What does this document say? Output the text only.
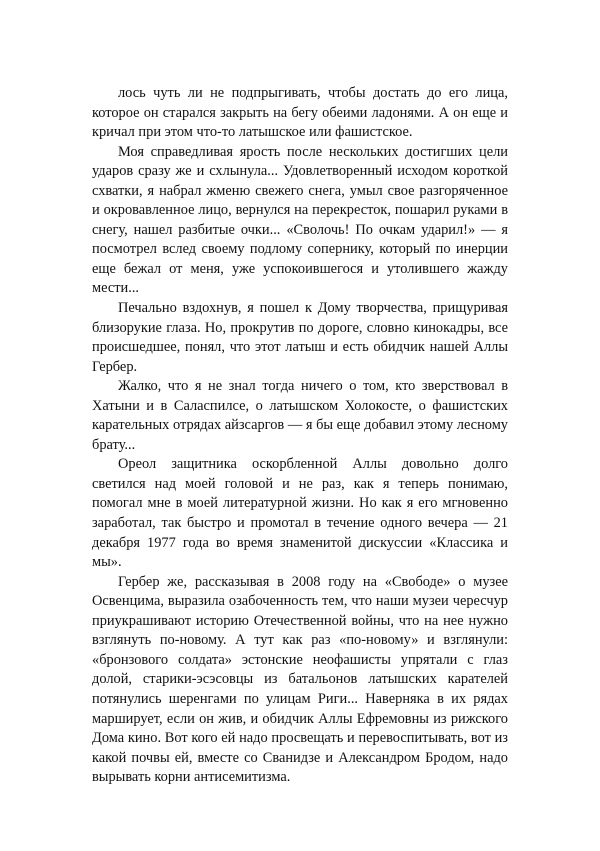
лось чуть ли не подпрыгивать, чтобы достать до его лица, которое он старался закрыть на бегу обеими ладонями. А он еще и кричал при этом что-то латышское или фашистское.

Моя справедливая ярость после нескольких достигших цели ударов сразу же и схлынула... Удовлетворенный исходом короткой схватки, я набрал жменю свежего снега, умыл свое разгоряченное и окровавленное лицо, вернулся на перекресток, пошарил руками в снегу, нашел разбитые очки... «Сволочь! По очкам ударил!» — я посмотрел вслед своему подлому сопернику, который по инерции еще бежал от меня, уже успокоившегося и утолившего жажду мести...

Печально вздохнув, я пошел к Дому творчества, прищуривая близорукие глаза. Но, прокрутив по дороге, словно кинокадры, все происшедшее, понял, что этот латыш и есть обидчик нашей Аллы Гербер.

Жалко, что я не знал тогда ничего о том, кто зверствовал в Хатыни и в Саласпилсе, о латышском Холокосте, о фашистских карательных отрядах айзсаргов — я бы еще добавил этому лесному брату...

Ореол защитника оскорбленной Аллы довольно долго светился над моей головой и не раз, как я теперь понимаю, помогал мне в моей литературной жизни. Но как я его мгновенно заработал, так быстро и промотал в течение одного вечера — 21 декабря 1977 года во время знаменитой дискуссии «Классика и мы».

Гербер же, рассказывая в 2008 году на «Свободе» о музее Освенцима, выразила озабоченность тем, что наши музеи чересчур приукрашивают историю Отечественной войны, что на нее нужно взглянуть по-новому. А тут как раз «по-новому» и взглянули: «бронзового солдата» эстонские неофашисты упрятали с глаз долой, старики-эсэсовцы из батальонов латышских карателей потянулись шеренгами по улицам Риги... Наверняка в их рядах марширует, если он жив, и обидчик Аллы Ефремовны из рижского Дома кино. Вот кого ей надо просвещать и перевоспитывать, вот из какой почвы ей, вместе со Сванидзе и Александром Бродом, надо вырывать корни антисемитизма.
